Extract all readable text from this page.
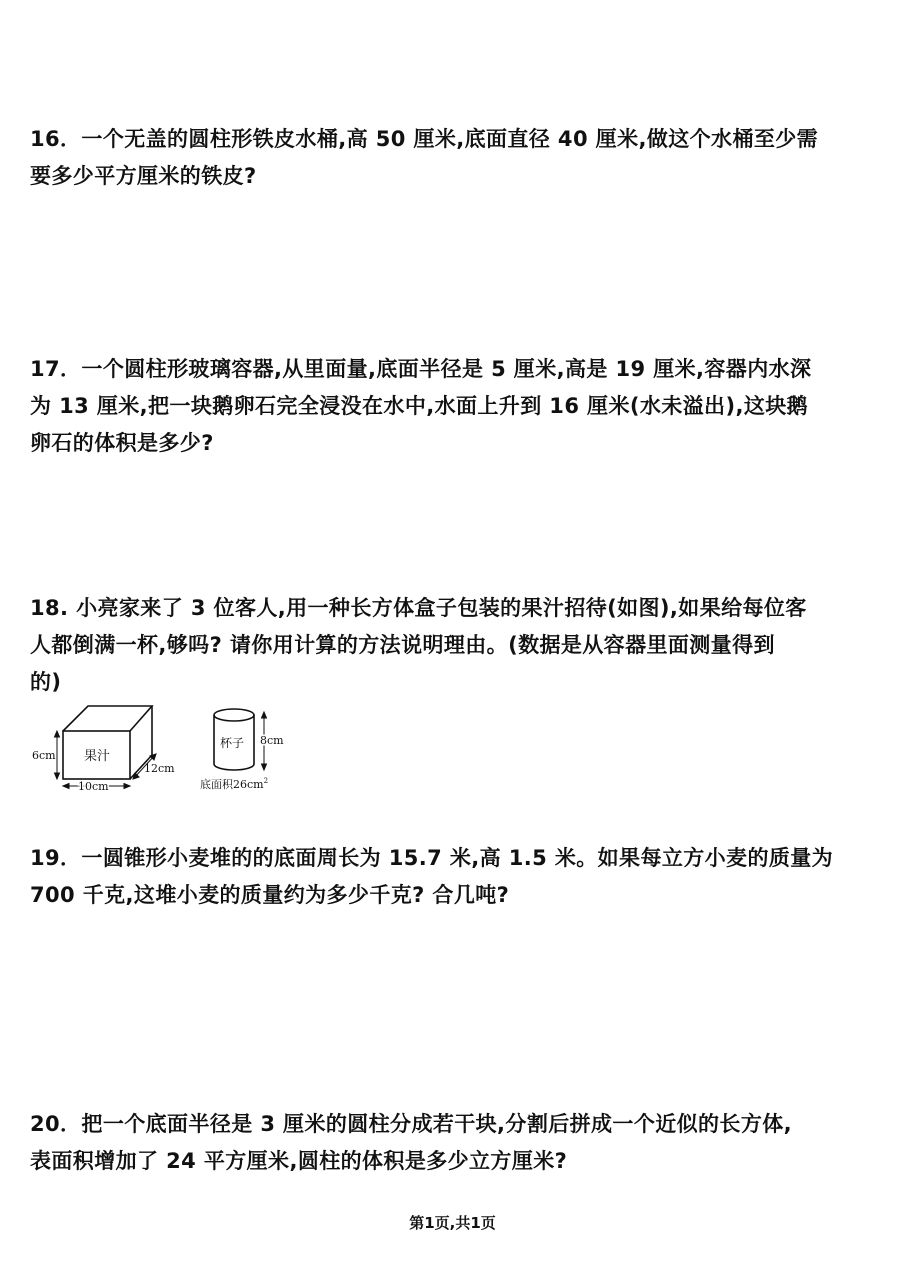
16．一个无盖的圆柱形铁皮水桶,高 50 厘米,底面直径 40 厘米,做这个水桶至少需
要多少平方厘米的铁皮?
17．一个圆柱形玻璃容器,从里面量,底面半径是 5 厘米,高是 19 厘米,容器内水深
为 13 厘米,把一块鹅卵石完全浸没在水中,水面上升到 16 厘米(水未溢出),这块鹅
卵石的体积是多少?
18. 小亮家来了 3 位客人,用一种长方体盒子包装的果汁招待(如图),如果给每位客
人都倒满一杯,够吗? 请你用计算的方法说明理由。(数据是从容器里面测量得到
的)
6cm
10cm
12cm
果汁
杯子 8cm
底面积$26cm^2$
19．一圆锥形小麦堆的的底面周长为 15.7 米,高 1.5 米。如果每立方小麦的质量为
700 千克,这堆小麦的质量约为多少千克? 合几吨?
20．把一个底面半径是 3 厘米的圆柱分成若干块,分割后拼成一个近似的长方体,
表面积增加了 24 平方厘米,圆柱的体积是多少立方厘米?
第1页,共1页
